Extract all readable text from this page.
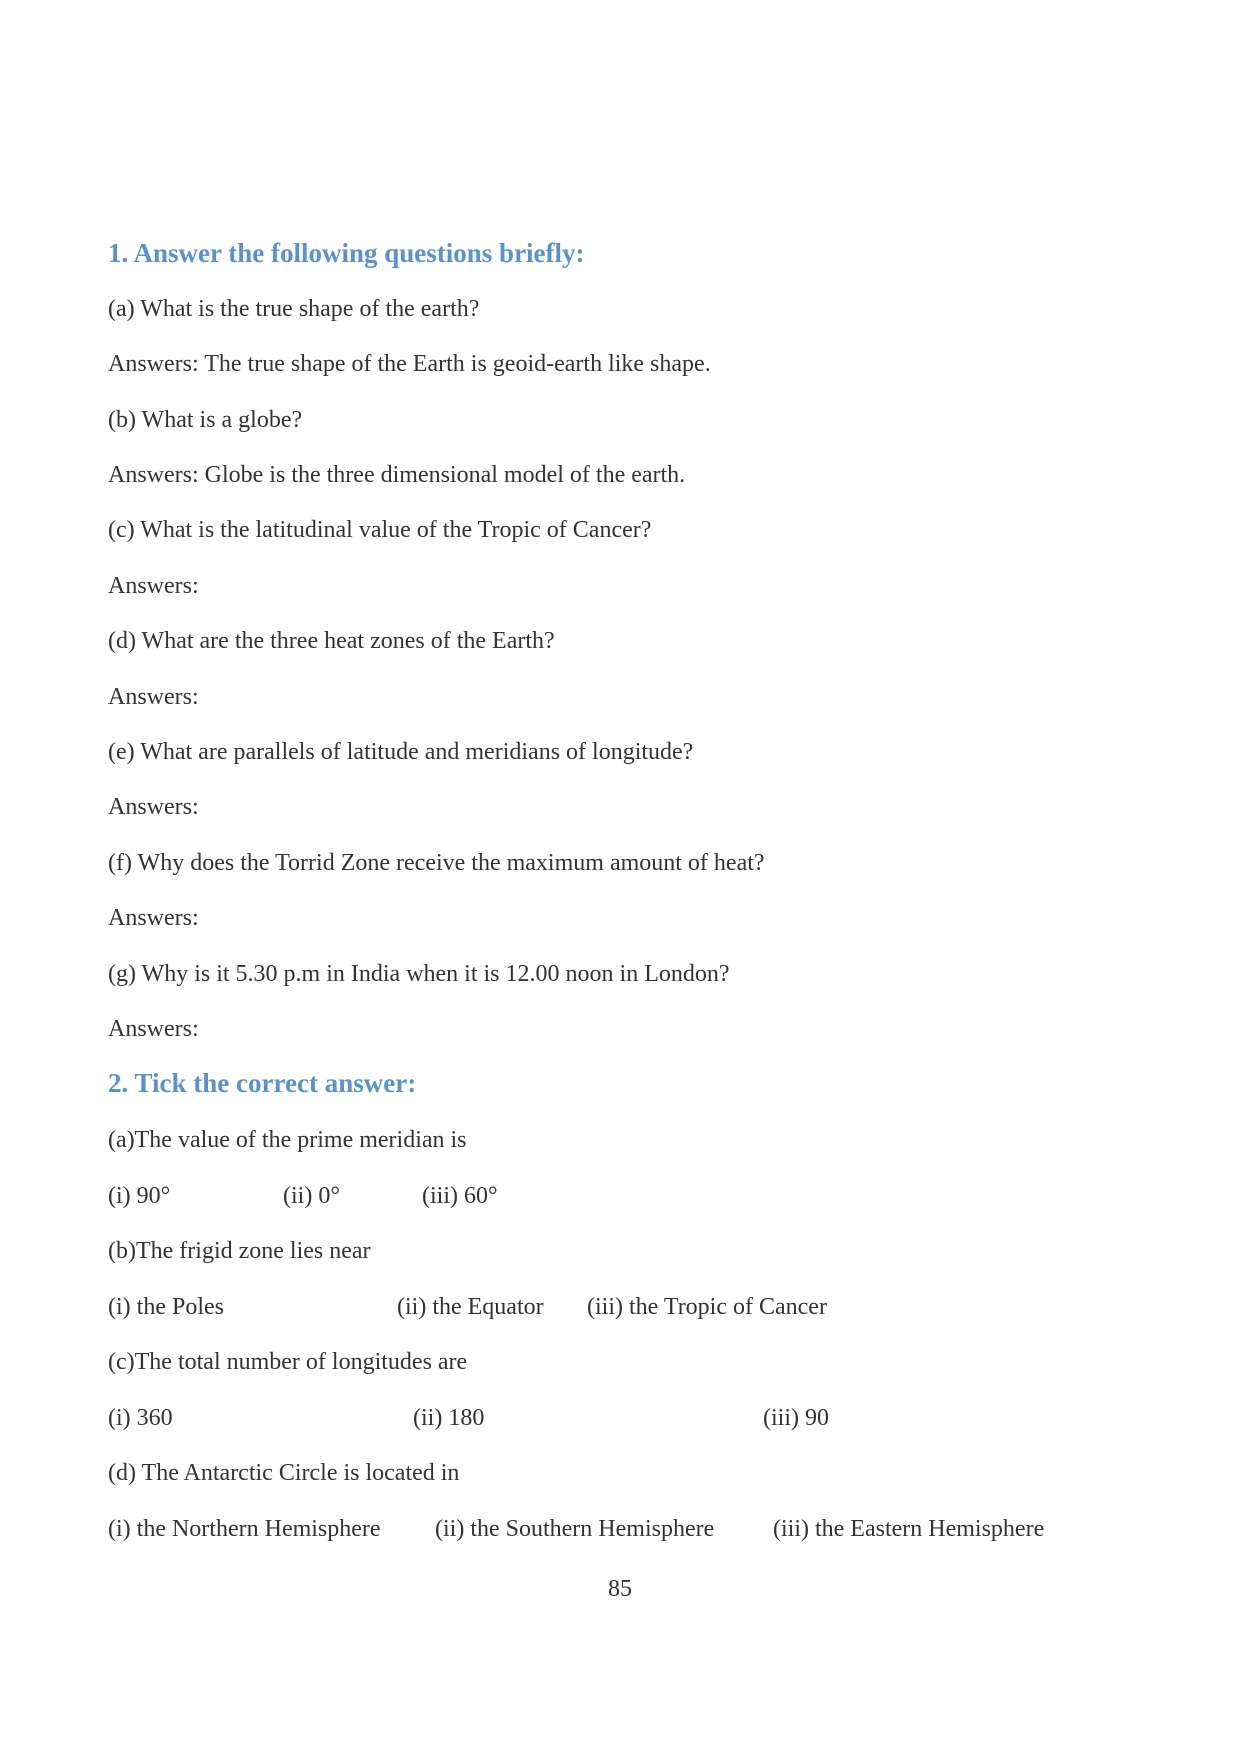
1. Answer the following questions briefly:
(a) What is the true shape of the earth?
Answers: The true shape of the Earth is geoid-earth like shape.
(b) What is a globe?
Answers: Globe is the three dimensional model of the earth.
(c) What is the latitudinal value of the Tropic of Cancer?
Answers:
(d) What are the three heat zones of the Earth?
Answers:
(e) What are parallels of latitude and meridians of longitude?
Answers:
(f) Why does the Torrid Zone receive the maximum amount of heat?
Answers:
(g) Why is it 5.30 p.m in India when it is 12.00 noon in London?
Answers:
2. Tick the correct answer:
(a)The value of the prime meridian is
(i) 90°	(ii) 0°	(iii) 60°
(b)The frigid zone lies near
(i) the Poles	(ii) the Equator (iii) the Tropic of Cancer
(c)The total number of longitudes are
(i) 360	(ii) 180	(iii) 90
(d) The Antarctic Circle is located in
(i) the Northern Hemisphere (ii) the Southern Hemisphere (iii) the Eastern Hemisphere
85
